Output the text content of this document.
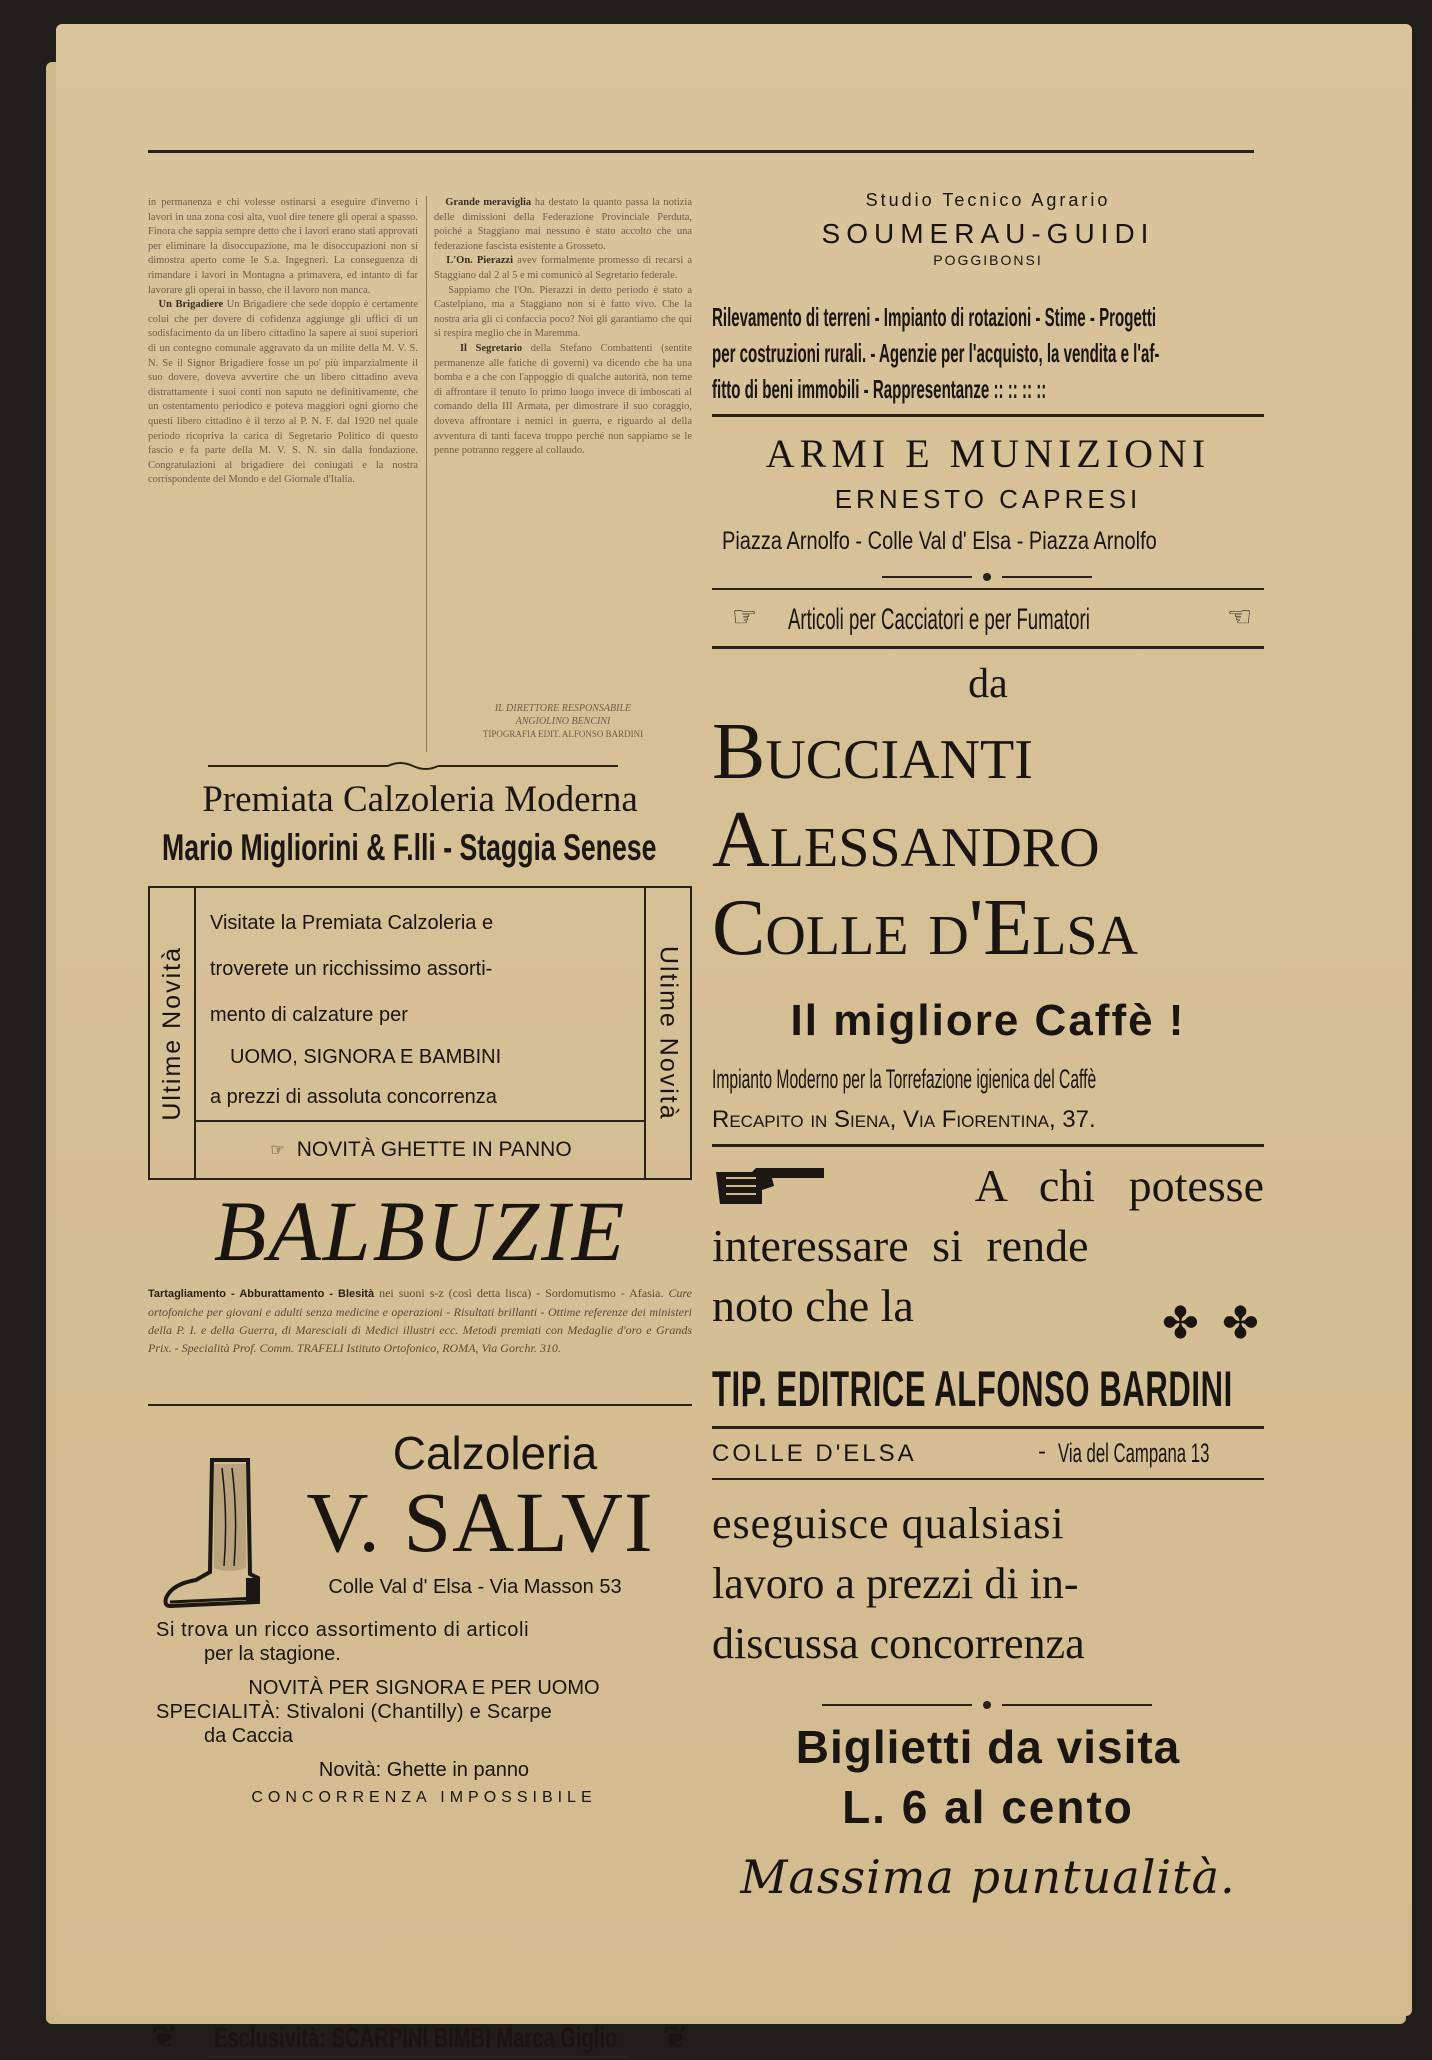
in permanenza e chi volesse ostinarsi a eseguire d'inverno i lavori in una zona così alta, vuol dire tenere gli operai a spasso. Finora che sappia sempre detto che i lavori erano stati approvati per eliminare la disoccupazione, ma le disoccupazioni non si dimostra aperto come le S.a. Ingegneri. La conseguenza di rimandare i lavori in Montagna a primavera, ed intanto di far lavorare gli operai in basso, che il lavoro non manca.
Un Brigadiere Un Brigadiere che sede doppio è certamente colui che per dovere di cofidenza aggiunge gli uffici di un sodisfacimento da un libero cittadino la sapere ai suoi superiori di un contegno comunale aggravato da un milite della M. V. S. N. Se il Signor Brigadiere fosse un po' più imparzialmente il suo dovere, doveva avvertire che un libero cittadino aveva distrattamente i suoi conti non saputo ne definitivamente, che un ostentamento periodico e poteva maggiori ogni giorno che questi libero cittadino è il terzo al P. N. F. dal 1920 nel quale periodo ricopriva la carica di Segretario Politico di questo fascio e fa parte della M. V. S. N. sin dalla fondazione. Congratulazioni al brigadiere dei coniugati e la nostra corrispondente del Mondo e del Giornale d'Italia.
Grande meraviglia ha destato la quanto passa la notizia delle dimissioni della Federazione Provinciale Perduta, poiché a Staggiano mai nessuno è stato accolto che una federazione fascista esistente a Grosseto.
L'On. Pierazzi avev formalmente promesso di recarsi a Staggiano dal 2 al 5 e mi comunicò al Segretario federale.
Sappiamo che l'On. Pierazzi in detto periodo è stato a Castelpiano, ma a Staggiano non si è fatto vivo. Che la nostra aria gli ci confaccia poco? Noi gli garantiamo che qui si respira meglio che in Maremma.
Il Segretario della Stefano Combattenti (sentite permanenze alle fatiche di governi) va dicendo che ha una bomba e a che con l'appoggio di qualche autorità, non teme di affrontare il tenuto lo primo luogo invece di imboscati al comando della III Armata, per dimostrare il suo coraggio, doveva affrontare i nemici in guerra, e riguardo al della avventura di tanti faceva troppo perché non sappiamo se le penne potranno reggere al collaudo.
IL DIRETTORE RESPONSABILE
ANGIOLINO BENCINI
TIPOGRAFIA EDIT. ALFONSO BARDINI
Premiata Calzoleria Moderna
Mario Migliorini & F.lli - Staggia Senese
Ultime Novità	Ultime Novità
Visitate la Premiata Calzoleria e
troverete un ricchissimo assorti-
mento di calzature per
UOMO, SIGNORA E BAMBINI
a prezzi di assoluta concorrenza
☞ NOVITÀ GHETTE IN PANNO
BALBUZIE
Tartagliamento - Abburattamento - Blesità nei suoni s-z (così detta lisca) - Sordomutismo - Afasia. Cure ortofoniche per giovani e adulti senza medicine e operazioni - Risultati brillanti - Ottime referenze dei ministeri della P. I. e della Guerra, di Maresciali di Medici illustri ecc. Metodi premiati con Medaglie d'oro e Grands Prix. - Specialità Prof. Comm. TRAFELI Istituto Ortofonico, ROMA, Via Gorchr. 310.
Calzoleria
V. SALVI
Colle Val d' Elsa - Via Masson 53
Si trova un ricco assortimento di articoli
per la stagione.
NOVITÀ PER SIGNORA E PER UOMO
SPECIALITÀ: Stivaloni (Chantilly) e Scarpe
da Caccia
Novità: Ghette in panno
CONCORRENZA IMPOSSIBILE
❦	❦
Esclusività: SCARPINI BIMBI Marca Giglio
Studio Tecnico Agrario
SOUMERAU-GUIDI
POGGIBONSI
Rilevamento di terreni - Impianto di rotazioni - Stime - Progetti
per costruzioni rurali. - Agenzie per l'acquisto, la vendita e l'af-
fitto di beni immobili - Rappresentanze :: :: :: ::
ARMI E MUNIZIONI
ERNESTO CAPRESI
Piazza Arnolfo - Colle Val d' Elsa - Piazza Arnolfo
☞ Articoli per Cacciatori e per Fumatori	☞
da
Buccianti
Alessandro
Colle d'Elsa
Il migliore Caffè !
Impianto Moderno per la Torrefazione igienica del Caffè
Recapito in Siena, Via Fiorentina, 37.
A chi potesse
interessare si rende
noto che la	✤ ✤
TIP. EDITRICE ALFONSO BARDINI
COLLE D'ELSA	- Via del Campana 13
eseguisce qualsiasi
lavoro a prezzi di in-
discussa concorrenza
Biglietti da visita
L. 6 al cento
Massima puntualità.
